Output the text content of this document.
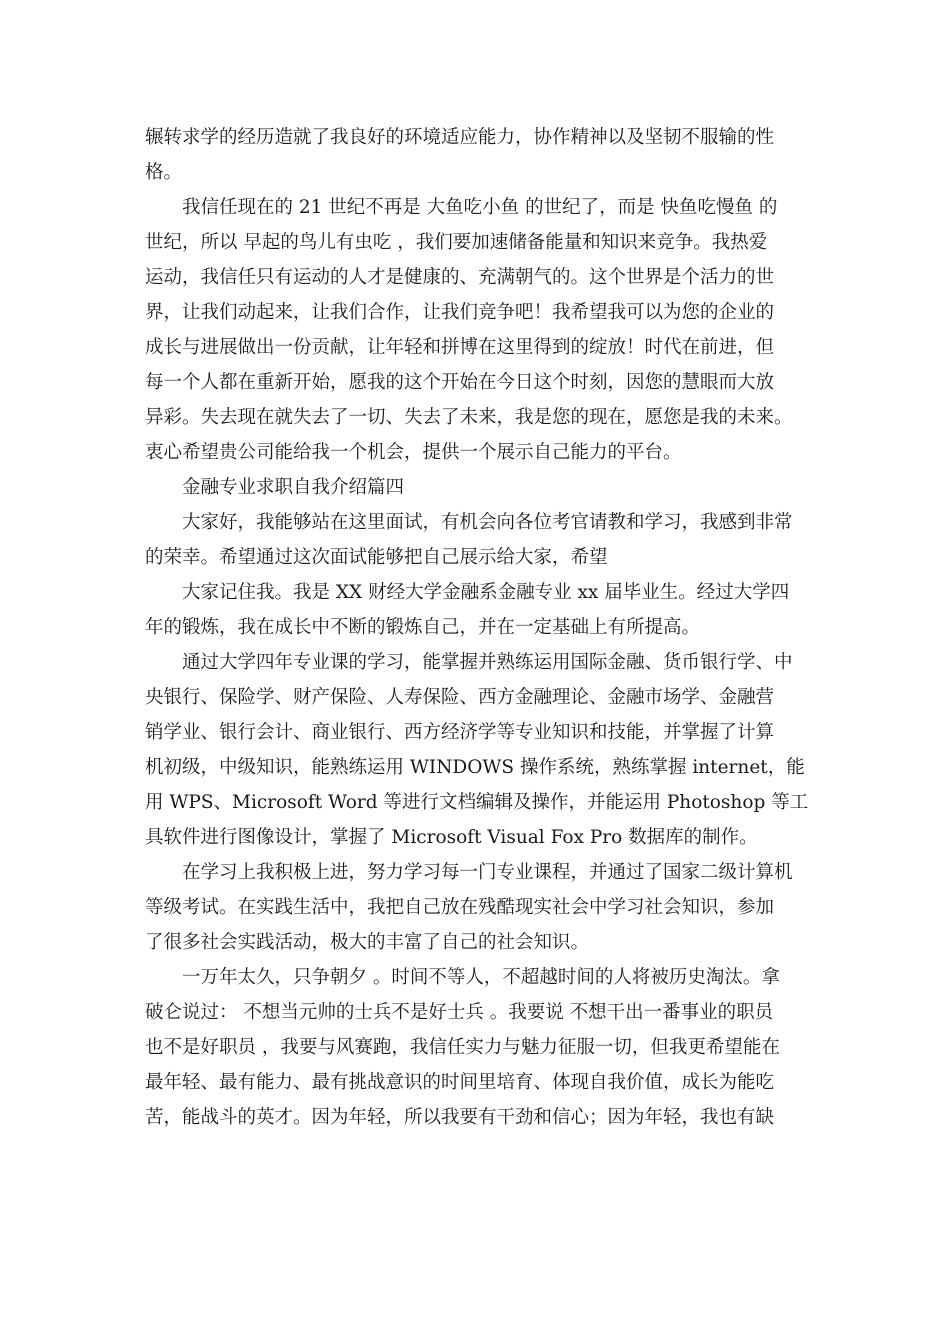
辗转求学的经历造就了我良好的环境适应能力，协作精神以及坚韧不服输的性
格。
我信任现在的 21 世纪不再是 大鱼吃小鱼 的世纪了，而是 快鱼吃慢鱼 的
世纪，所以 早起的鸟儿有虫吃 ，我们要加速储备能量和知识来竞争。我热爱
运动，我信任只有运动的人才是健康的、充满朝气的。这个世界是个活力的世
界，让我们动起来，让我们合作，让我们竞争吧！我希望我可以为您的企业的
成长与进展做出一份贡献，让年轻和拼博在这里得到的绽放！时代在前进，但
每一个人都在重新开始，愿我的这个开始在今日这个时刻，因您的慧眼而大放
异彩。失去现在就失去了一切、失去了未来，我是您的现在，愿您是我的未来。
衷心希望贵公司能给我一个机会，提供一个展示自己能力的平台。
金融专业求职自我介绍篇四
大家好，我能够站在这里面试，有机会向各位考官请教和学习，我感到非常
的荣幸。希望通过这次面试能够把自己展示给大家，希望
大家记住我。我是 XX 财经大学金融系金融专业 xx 届毕业生。经过大学四
年的锻炼，我在成长中不断的锻炼自己，并在一定基础上有所提高。
通过大学四年专业课的学习，能掌握并熟练运用国际金融、货币银行学、中
央银行、保险学、财产保险、人寿保险、西方金融理论、金融市场学、金融营
销学业、银行会计、商业银行、西方经济学等专业知识和技能，并掌握了计算
机初级，中级知识，能熟练运用 WINDOWS 操作系统，熟练掌握 internet，能
用 WPS、Microsoft Word 等进行文档编辑及操作，并能运用 Photoshop 等工
具软件进行图像设计，掌握了 Microsoft Visual Fox Pro 数据库的制作。
在学习上我积极上进，努力学习每一门专业课程，并通过了国家二级计算机
等级考试。在实践生活中，我把自己放在残酷现实社会中学习社会知识，参加
了很多社会实践活动，极大的丰富了自己的社会知识。
一万年太久，只争朝夕 。时间不等人，不超越时间的人将被历史淘汰。拿
破仑说过： 不想当元帅的士兵不是好士兵 。我要说 不想干出一番事业的职员
也不是好职员 ，我要与风赛跑，我信任实力与魅力征服一切，但我更希望能在
最年轻、最有能力、最有挑战意识的时间里培育、体现自我价值，成长为能吃
苦，能战斗的英才。因为年轻，所以我要有干劲和信心；因为年轻，我也有缺
